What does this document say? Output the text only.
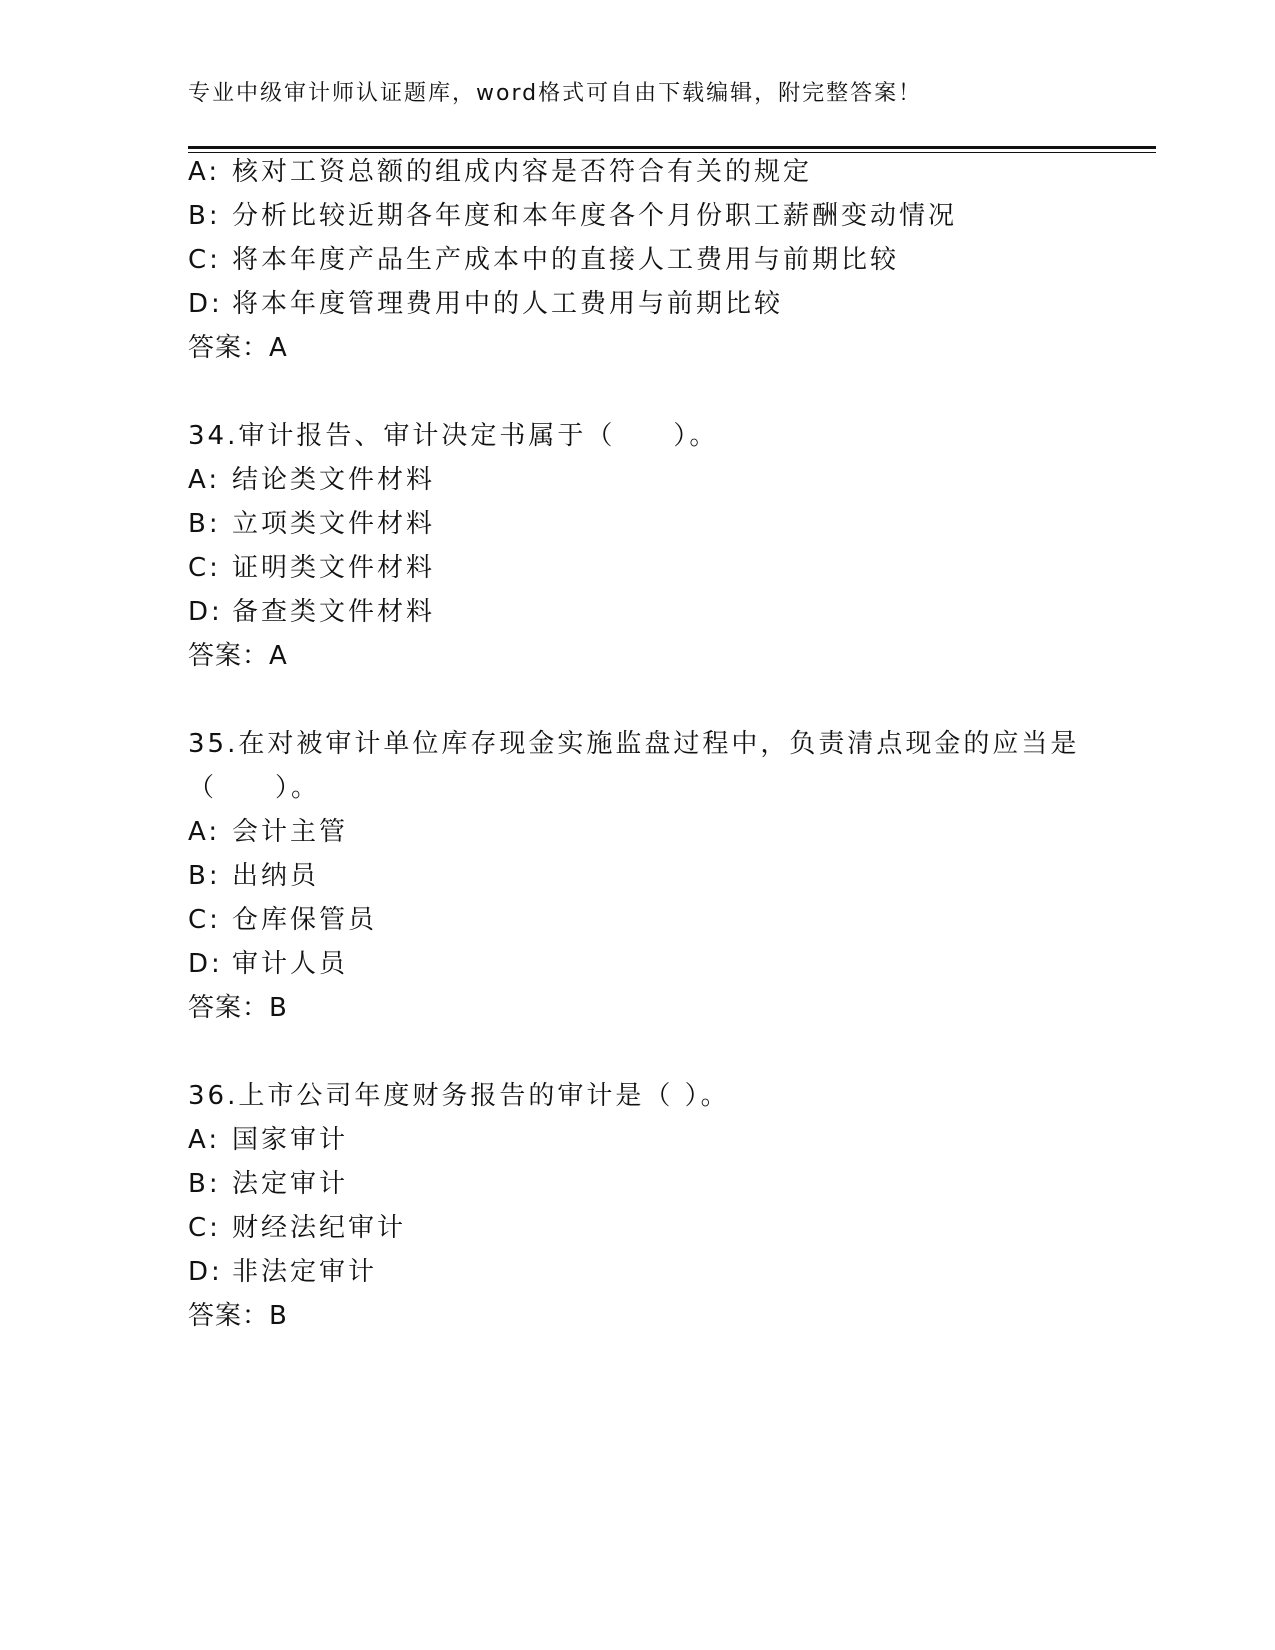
专业中级审计师认证题库，word格式可自由下载编辑，附完整答案！
A: 核对工资总额的组成内容是否符合有关的规定
B: 分析比较近期各年度和本年度各个月份职工薪酬变动情况
C: 将本年度产品生产成本中的直接人工费用与前期比较
D: 将本年度管理费用中的人工费用与前期比较
答案：A
34.审计报告、审计决定书属于（　　）。
A: 结论类文件材料
B: 立项类文件材料
C: 证明类文件材料
D: 备查类文件材料
答案：A
35.在对被审计单位库存现金实施监盘过程中，负责清点现金的应当是
（　　）。
A: 会计主管
B: 出纳员
C: 仓库保管员
D: 审计人员
答案：B
36.上市公司年度财务报告的审计是（ ）。
A: 国家审计
B: 法定审计
C: 财经法纪审计
D: 非法定审计
答案：B
